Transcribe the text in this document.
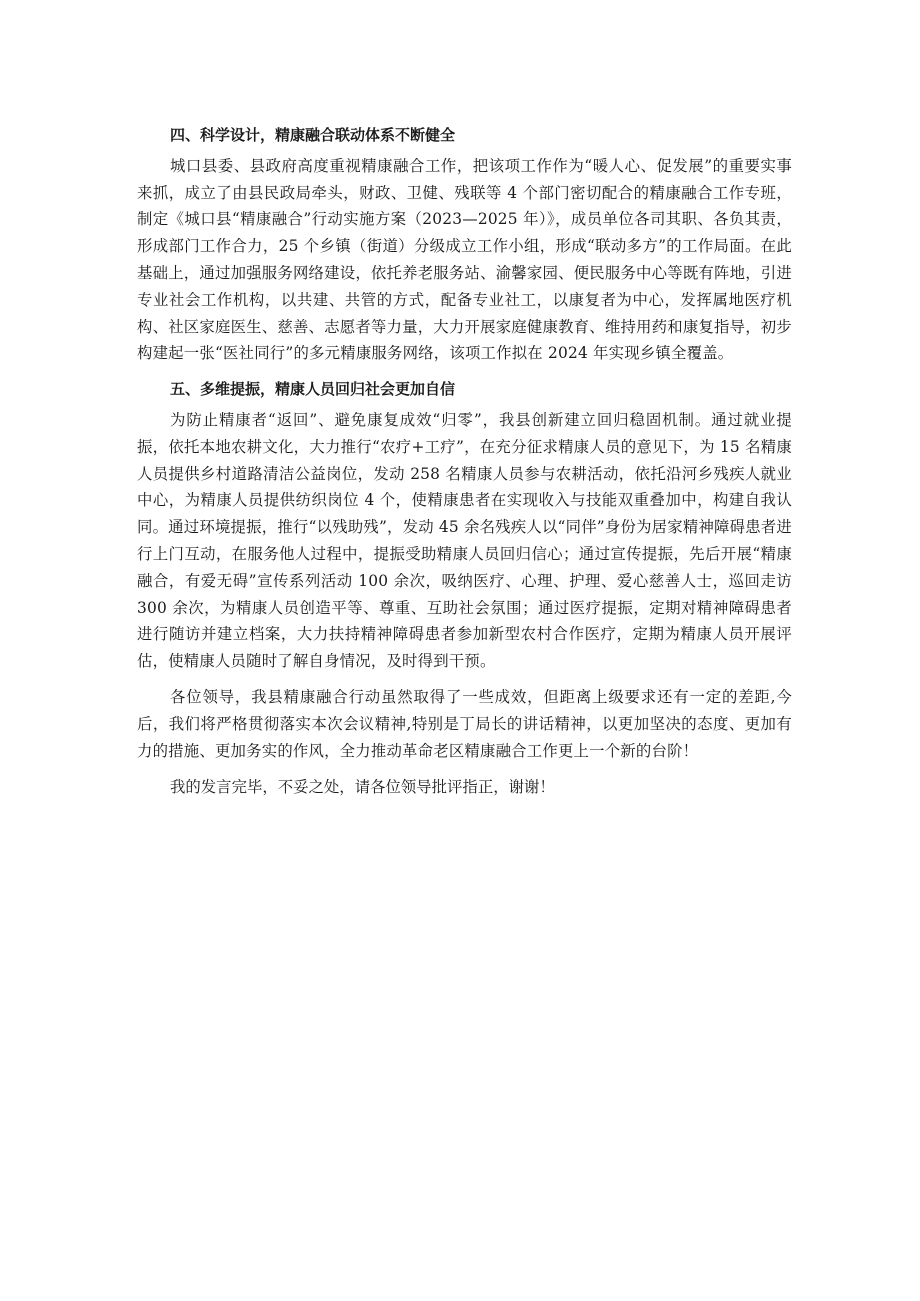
四、科学设计，精康融合联动体系不断健全

城口县委、县政府高度重视精康融合工作，把该项工作作为“暖人心、促发展”的重要实事来抓，成立了由县民政局牵头，财政、卫健、残联等 4 个部门密切配合的精康融合工作专班，制定《城口县“精康融合”行动实施方案（2023—2025 年）》，成员单位各司其职、各负其责，形成部门工作合力，25 个乡镇（街道）分级成立工作小组，形成“联动多方”的工作局面。在此基础上，通过加强服务网络建设，依托养老服务站、渝馨家园、便民服务中心等既有阵地，引进专业社会工作机构，以共建、共管的方式，配备专业社工，以康复者为中心，发挥属地医疗机构、社区家庭医生、慈善、志愿者等力量，大力开展家庭健康教育、维持用药和康复指导，初步构建起一张“医社同行”的多元精康服务网络，该项工作拟在 2024 年实现乡镇全覆盖。

五、多维提振，精康人员回归社会更加自信

为防止精康者“返回”、避免康复成效“归零”，我县创新建立回归稳固机制。通过就业提振，依托本地农耕文化，大力推行“农疗+工疗”，在充分征求精康人员的意见下，为 15 名精康人员提供乡村道路清洁公益岗位，发动 258 名精康人员参与农耕活动，依托沿河乡残疾人就业中心，为精康人员提供纺织岗位 4 个，使精康患者在实现收入与技能双重叠加中，构建自我认同。通过环境提振，推行“以残助残”，发动 45 余名残疾人以“同伴”身份为居家精神障碍患者进行上门互动，在服务他人过程中，提振受助精康人员回归信心；通过宣传提振，先后开展“精康融合，有爱无碍”宣传系列活动 100 余次，吸纳医疗、心理、护理、爱心慈善人士，巡回走访 300 余次，为精康人员创造平等、尊重、互助社会氛围；通过医疗提振，定期对精神障碍患者进行随访并建立档案，大力扶持精神障碍患者参加新型农村合作医疗，定期为精康人员开展评估，使精康人员随时了解自身情况，及时得到干预。

各位领导，我县精康融合行动虽然取得了一些成效，但距离上级要求还有一定的差距,今后，我们将严格贯彻落实本次会议精神,特别是丁局长的讲话精神，以更加坚决的态度、更加有力的措施、更加务实的作风，全力推动革命老区精康融合工作更上一个新的台阶！

我的发言完毕，不妥之处，请各位领导批评指正，谢谢！
